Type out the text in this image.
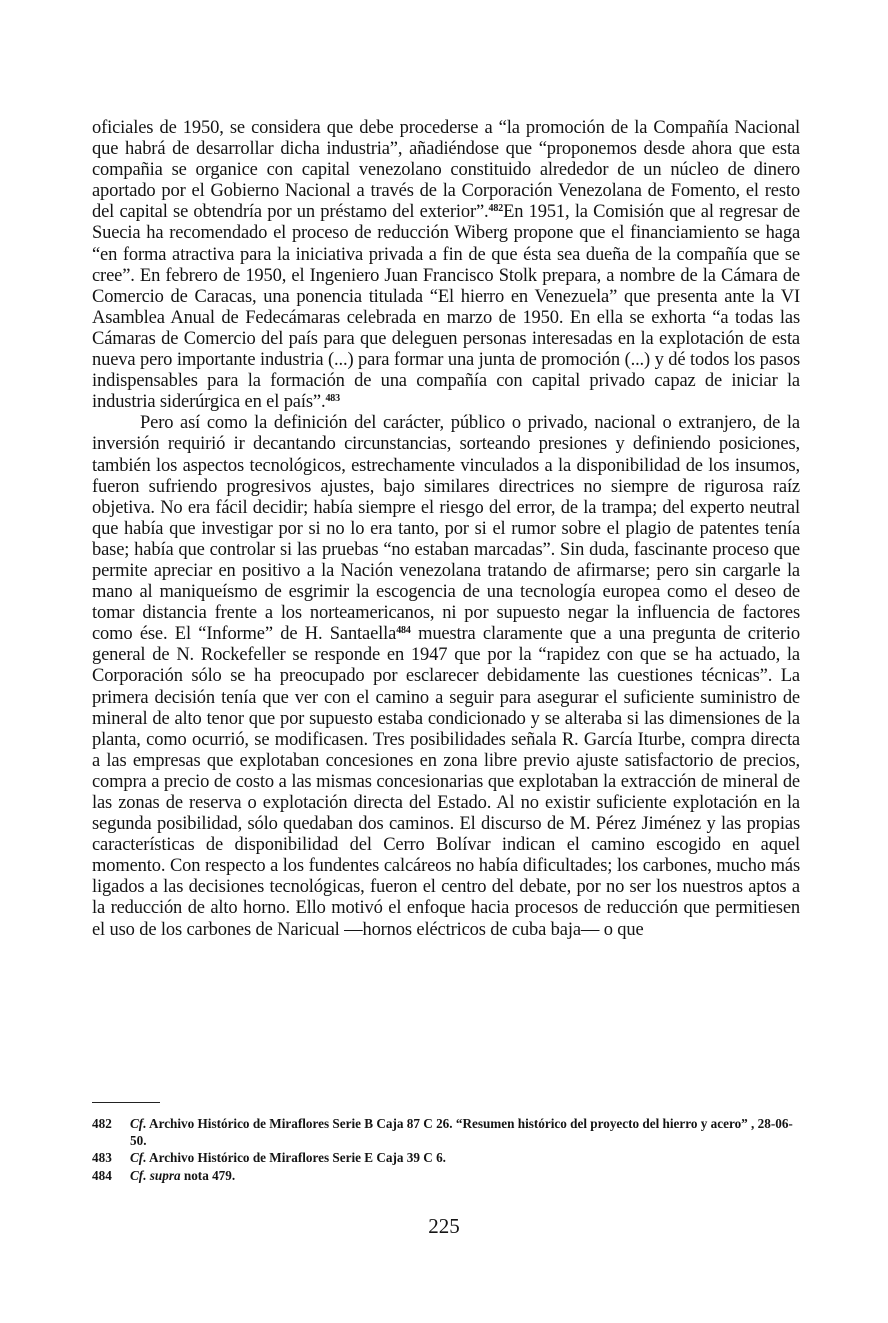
oficiales de 1950, se considera que debe procederse a “la promoción de la Compañía Nacional que habrá de desarrollar dicha industria”, añadiéndose que “proponemos desde ahora que esta compañia se organice con capital venezolano constituido alrededor de un núcleo de dinero aportado por el Gobierno Nacional a través de la Corporación Venezolana de Fomento, el resto del capital se obtendría por un préstamo del exterior”.$^{482}$En 1951, la Comisión que al regresar de Suecia ha recomendado el proceso de reducción Wiberg propone que el financiamiento se haga “en forma atractiva para la iniciativa privada a fin de que ésta sea dueña de la compañía que se cree”. En febrero de 1950, el Ingeniero Juan Francisco Stolk prepara, a nombre de la Cámara de Comercio de Caracas, una ponencia titulada “El hierro en Venezuela” que presenta ante la VI Asamblea Anual de Fedecámaras celebrada en marzo de 1950. En ella se exhorta “a todas las Cámaras de Comercio del país para que deleguen personas interesadas en la explotación de esta nueva pero importante industria (...) para formar una junta de promoción (...) y dé todos los pasos indispensables para la formación de una compañía con capital privado capaz de iniciar la industria siderúrgica en el país”.$^{483}$

Pero así como la definición del carácter, público o privado, nacional o extranjero, de la inversión requirió ir decantando circunstancias, sorteando presiones y definiendo posiciones, también los aspectos tecnológicos, estrechamente vinculados a la disponibilidad de los insumos, fueron sufriendo progresivos ajustes, bajo similares directrices no siempre de rigurosa raíz objetiva. No era fácil decidir; había siempre el riesgo del error, de la trampa; del experto neutral que había que investigar por si no lo era tanto, por si el rumor sobre el plagio de patentes tenía base; había que controlar si las pruebas “no estaban marcadas”. Sin duda, fascinante proceso que permite apreciar en positivo a la Nación venezolana tratando de afirmarse; pero sin cargarle la mano al maniqueísmo de esgrimir la escogencia de una tecnología europea como el deseo de tomar distancia frente a los norteamericanos, ni por supuesto negar la influencia de factores como ése. El “Informe” de H. Santaella$^{484}$ muestra claramente que a una pregunta de criterio general de N. Rockefeller se responde en 1947 que por la “rapidez con que se ha actuado, la Corporación sólo se ha preocupado por esclarecer debidamente las cuestiones técnicas”. La primera decisión tenía que ver con el camino a seguir para asegurar el suficiente suministro de mineral de alto tenor que por supuesto estaba condicionado y se alteraba si las dimensiones de la planta, como ocurrió, se modificasen. Tres posibilidades señala R. García Iturbe, compra directa a las empresas que explotaban concesiones en zona libre previo ajuste satisfactorio de precios, compra a precio de costo a las mismas concesionarias que explotaban la extracción de mineral de las zonas de reserva o explotación directa del Estado. Al no existir suficiente explotación en la segunda posibilidad, sólo quedaban dos caminos. El discurso de M. Pérez Jiménez y las propias características de disponibilidad del Cerro Bolívar indican el camino escogido en aquel momento. Con respecto a los fundentes calcáreos no había dificultades; los carbones, mucho más ligados a las decisiones tecnológicas, fueron el centro del debate, por no ser los nuestros aptos a la reducción de alto horno. Ello motivó el enfoque hacia procesos de reducción que permitiesen el uso de los carbones de Naricual —hornos eléctricos de cuba baja— o que

482	Cf. Archivo Histórico de Miraflores Serie B Caja 87 C 26. “Resumen histórico del proyecto del hierro y acero” , 28-06-50.
483	Cf. Archivo Histórico de Miraflores Serie E Caja 39 C 6.
484	Cf. supra nota 479.
225
